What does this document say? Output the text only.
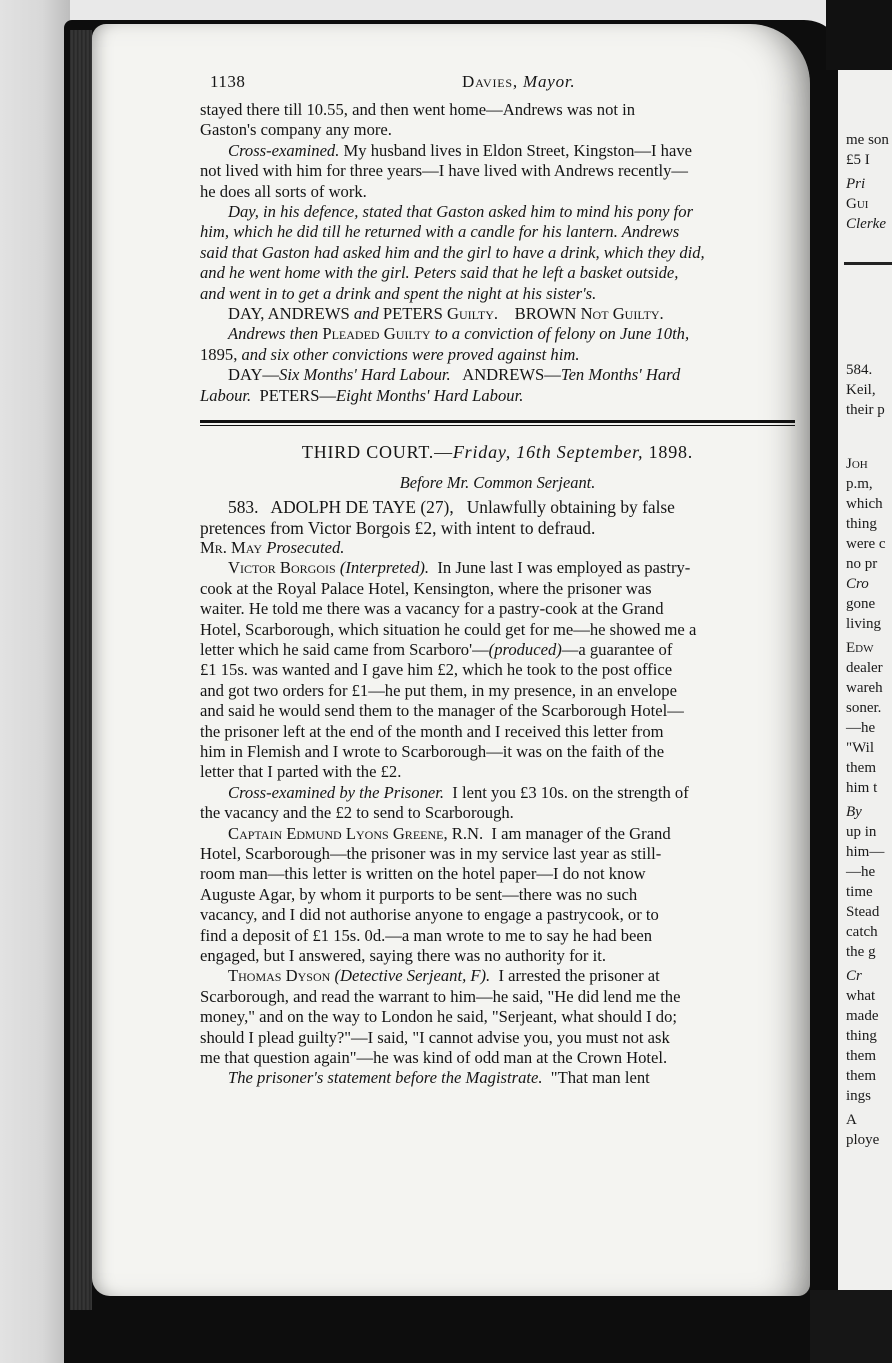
me son
£5 I
Pri
Gui
Clerke
584.
Keil,
their p
Joh
p.m,
which
thing
were c
no pr
Cro
gone
living
Edw
dealer
wareh
soner.
—he
"Wil
them
him t
By
up in
him—
—he
time
Stead
catch
the g
Cr
what
made
thing
them
them
ings
A
ploye
1138	Davies, Mayor.

stayed there till 10.55, and then went home—Andrews was not in

Gaston's company any more.

Cross-examined. My husband lives in Eldon Street, Kingston—I have

not lived with him for three years—I have lived with Andrews recently—

he does all sorts of work.

Day, in his defence, stated that Gaston asked him to mind his pony for

him, which he did till he returned with a candle for his lantern. Andrews

said that Gaston had asked him and the girl to have a drink, which they did,

and he went home with the girl. Peters said that he left a basket outside,

and went in to get a drink and spent the night at his sister's.

DAY, ANDREWS and PETERS Guilty. BROWN Not Guilty.

Andrews then Pleaded Guilty to a conviction of felony on June 10th,

1895, and six other convictions were proved against him.

DAY—Six Months' Hard Labour. ANDREWS—Ten Months' Hard

Labour. PETERS—Eight Months' Hard Labour.

THIRD COURT.—Friday, 16th September, 1898.
Before Mr. Common Serjeant.

583. ADOLPH DE TAYE (27), Unlawfully obtaining by false

pretences from Victor Borgois £2, with intent to defraud.

Mr. May Prosecuted.

Victor Borgois (Interpreted). In June last I was employed as pastry-

cook at the Royal Palace Hotel, Kensington, where the prisoner was

waiter. He told me there was a vacancy for a pastry-cook at the Grand

Hotel, Scarborough, which situation he could get for me—he showed me a

letter which he said came from Scarboro'—(produced)—a guarantee of

£1 15s. was wanted and I gave him £2, which he took to the post office

and got two orders for £1—he put them, in my presence, in an envelope

and said he would send them to the manager of the Scarborough Hotel—

the prisoner left at the end of the month and I received this letter from

him in Flemish and I wrote to Scarborough—it was on the faith of the

letter that I parted with the £2.

Cross-examined by the Prisoner. I lent you £3 10s. on the strength of

the vacancy and the £2 to send to Scarborough.

Captain Edmund Lyons Greene, R.N. I am manager of the Grand

Hotel, Scarborough—the prisoner was in my service last year as still-

room man—this letter is written on the hotel paper—I do not know

Auguste Agar, by whom it purports to be sent—there was no such

vacancy, and I did not authorise anyone to engage a pastrycook, or to

find a deposit of £1 15s. 0d.—a man wrote to me to say he had been

engaged, but I answered, saying there was no authority for it.

Thomas Dyson (Detective Serjeant, F). I arrested the prisoner at

Scarborough, and read the warrant to him—he said, "He did lend me the

money," and on the way to London he said, "Serjeant, what should I do;

should I plead guilty?"—I said, "I cannot advise you, you must not ask

me that question again"—he was kind of odd man at the Crown Hotel.

The prisoner's statement before the Magistrate. "That man lent
